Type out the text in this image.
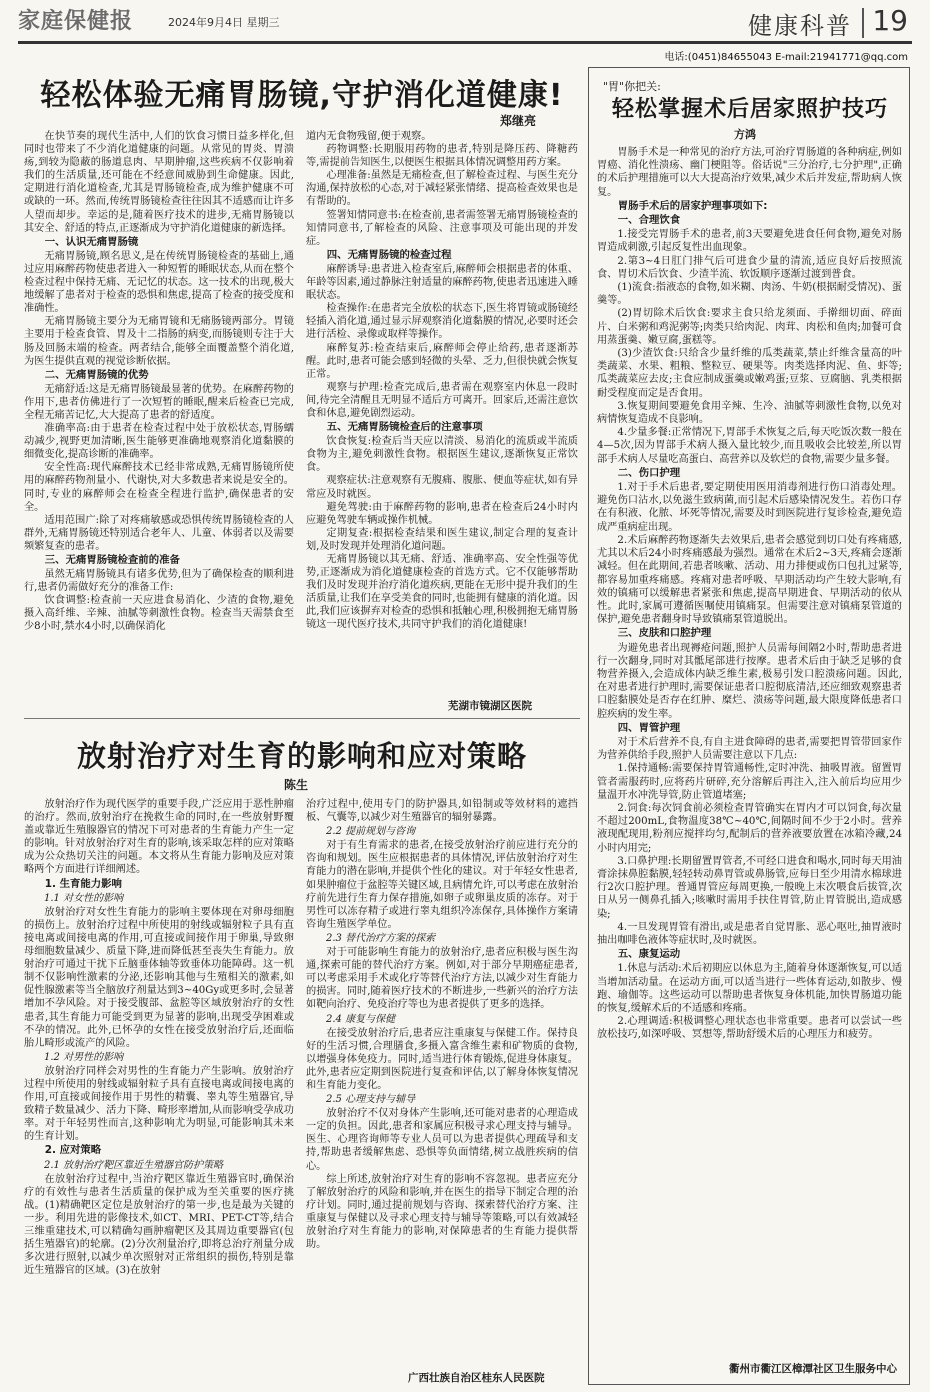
家庭保健报	2024年9月4日 星期三	健康科普 19
电话:(0451)84655043 E-mail:21941771@qq.com
轻松体验无痛胃肠镜,守护消化道健康!
郑继亮

在快节奏的现代生活中,人们的饮食习惯日益多样化,但同时也带来了不少消化道健康的问题。从常见的胃炎、胃溃疡,到较为隐蔽的肠道息肉、早期肿瘤,这些疾病不仅影响着我们的生活质量,还可能在不经意间威胁到生命健康。因此,定期进行消化道检查,尤其是胃肠镜检查,成为维护健康不可或缺的一环。然而,传统胃肠镜检查往往因其不适感而让许多人望而却步。幸运的是,随着医疗技术的进步,无痛胃肠镜以其安全、舒适的特点,正逐渐成为守护消化道健康的新选择。

一、认识无痛胃肠镜

无痛胃肠镜,顾名思义,是在传统胃肠镜检查的基础上,通过应用麻醉药物使患者进入一种短暂的睡眠状态,从而在整个检查过程中保持无痛、无记忆的状态。这一技术的出现,极大地缓解了患者对于检查的恐惧和焦虑,提高了检查的接受度和准确性。

无痛胃肠镜主要分为无痛胃镜和无痛肠镜两部分。胃镜主要用于检查食管、胃及十二指肠的病变,而肠镜则专注于大肠及回肠末端的检查。两者结合,能够全面覆盖整个消化道,为医生提供直观的视觉诊断依据。

二、无痛胃肠镜的优势

无痛舒适:这是无痛胃肠镜最显著的优势。在麻醉药物的作用下,患者仿佛进行了一次短暂的睡眠,醒来后检查已完成,全程无痛苦记忆,大大提高了患者的舒适度。

准确率高:由于患者在检查过程中处于放松状态,胃肠蠕动减少,视野更加清晰,医生能够更准确地观察消化道黏膜的细微变化,提高诊断的准确率。

安全性高:现代麻醉技术已经非常成熟,无痛胃肠镜所使用的麻醉药物剂量小、代谢快,对大多数患者来说是安全的。同时,专业的麻醉师会在检查全程进行监护,确保患者的安全。

适用范围广:除了对疼痛敏感或恐惧传统胃肠镜检查的人群外,无痛胃肠镜还特别适合老年人、儿童、体弱者以及需要频繁复查的患者。

三、无痛胃肠镜检查前的准备

虽然无痛胃肠镜具有诸多优势,但为了确保检查的顺利进行,患者仍需做好充分的准备工作:

饮食调整:检查前一天应进食易消化、少渣的食物,避免摄入高纤维、辛辣、油腻等刺激性食物。检查当天需禁食至少8小时,禁水4小时,以确保消化

道内无食物残留,便于观察。

药物调整:长期服用药物的患者,特别是降压药、降糖药等,需提前告知医生,以便医生根据具体情况调整用药方案。

心理准备:虽然是无痛检查,但了解检查过程、与医生充分沟通,保持放松的心态,对于减轻紧张情绪、提高检查效果也是有帮助的。

签署知情同意书:在检查前,患者需签署无痛胃肠镜检查的知情同意书,了解检查的风险、注意事项及可能出现的并发症。

四、无痛胃肠镜的检查过程

麻醉诱导:患者进入检查室后,麻醉师会根据患者的体重、年龄等因素,通过静脉注射适量的麻醉药物,使患者迅速进入睡眠状态。

检查操作:在患者完全放松的状态下,医生将胃镜或肠镜经轻插入消化道,通过显示屏观察消化道黏膜的情况,必要时还会进行活检、录像或取样等操作。

麻醉复苏:检查结束后,麻醉师会停止给药,患者逐渐苏醒。此时,患者可能会感到轻微的头晕、乏力,但很快就会恢复正常。

观察与护理:检查完成后,患者需在观察室内休息一段时间,待完全清醒且无明显不适后方可离开。回家后,还需注意饮食和休息,避免剧烈运动。

五、无痛胃肠镜检查后的注意事项

饮食恢复:检查后当天应以清淡、易消化的流质或半流质食物为主,避免刺激性食物。根据医生建议,逐渐恢复正常饮食。

观察症状:注意观察有无腹痛、腹胀、便血等症状,如有异常应及时就医。

避免驾驶:由于麻醉药物的影响,患者在检查后24小时内应避免驾驶车辆或操作机械。

定期复查:根据检查结果和医生建议,制定合理的复查计划,及时发现并处理消化道问题。

无痛胃肠镜以其无痛、舒适、准确率高、安全性强等优势,正逐渐成为消化道健康检查的首选方式。它不仅能够帮助我们及时发现并治疗消化道疾病,更能在无形中提升我们的生活质量,让我们在享受美食的同时,也能拥有健康的消化道。因此,我们应该摒弃对检查的恐惧和抵触心理,积极拥抱无痛胃肠镜这一现代医疗技术,共同守护我们的消化道健康!

芜湖市镜湖区医院
放射治疗对生育的影响和应对策略
陈生

放射治疗作为现代医学的重要手段,广泛应用于恶性肿瘤的治疗。然而,放射治疗在挽救生命的同时,在一些放射野覆盖或靠近生殖腺器官的情况下可对患者的生育能力产生一定的影响。针对放射治疗对生育的影响,该采取怎样的应对策略成为公众热切关注的问题。本文将从生育能力影响及应对策略两个方面进行详细阐述。

1. 生育能力影响
1.1 对女性的影响

放射治疗对女性生育能力的影响主要体现在对卵母细胞的损伤上。放射治疗过程中所使用的射线或辐射粒子具有直接电离或间接电离的作用,可直接或间接作用于卵巢,导致卵母细胞数量减少、质量下降,进而降低甚至丧失生育能力。放射治疗可通过干扰下丘脑垂体轴等致垂体功能障碍。这一机制不仅影响性激素的分泌,还影响其他与生殖相关的激素,如促性腺激素等当全脑放疗剂量达到3~40Gy或更多时,会显著增加不孕风险。对于接受腹部、盆腔等区域放射治疗的女性患者,其生育能力可能受到更为显著的影响,出现受孕困难或不孕的情况。此外,已怀孕的女性在接受放射治疗后,还面临胎儿畸形或流产的风险。

1.2 对男性的影响

放射治疗同样会对男性的生育能力产生影响。放射治疗过程中所使用的射线或辐射粒子具有直接电离或间接电离的作用,可直接或间接作用于男性的精囊、睾丸等生殖器官,导致精子数量减少、活力下降、畸形率增加,从而影响受孕成功率。对于年轻男性而言,这种影响尤为明显,可能影响其未来的生育计划。

2. 应对策略
2.1 放射治疗靶区靠近生殖器官防护策略

在放射治疗过程中,当治疗靶区靠近生殖器官时,确保治疗的有效性与患者生活质量的保护成为至关重要的医疗挑战。(1)精确靶区定位是放射治疗的第一步,也是最为关键的一步。利用先进的影像技术,如CT、MRI、PET-CT等,结合三维重建技术,可以精确勾画肿瘤靶区及其周边重要器官(包括生殖器官)的轮廓。(2)分次剂量治疗,即将总治疗剂量分成多次进行照射,以减少单次照射对正常组织的损伤,特别是靠近生殖器官的区域。(3)在放射

治疗过程中,使用专门的防护器具,如铅制或等效材料的遮挡板、气囊等,以减少对生殖器官的辐射暴露。

2.2 提前规划与咨询

对于有生育需求的患者,在接受放射治疗前应进行充分的咨询和规划。医生应根据患者的具体情况,评估放射治疗对生育能力的潜在影响,并提供个性化的建议。对于年轻女性患者,如果肿瘤位于盆腔等关键区域,且病情允许,可以考虑在放射治疗前先进行生育力保存措施,如卵子或卵巢皮质的冻存。对于男性可以冻存精子或进行睾丸组织冷冻保存,具体操作方案请咨询生殖医学单位。

2.3 替代治疗方案的探索

对于可能影响生育能力的放射治疗,患者应积极与医生沟通,探索可能的替代治疗方案。例如,对于部分早期癌症患者,可以考虑采用手术或化疗等替代治疗方法,以减少对生育能力的损害。同时,随着医疗技术的不断进步,一些新兴的治疗方法如靶向治疗、免疫治疗等也为患者提供了更多的选择。

2.4 康复与保健

在接受放射治疗后,患者应注重康复与保健工作。保持良好的生活习惯,合理膳食,多摄入富含维生素和矿物质的食物,以增强身体免疫力。同时,适当进行体育锻炼,促进身体康复。此外,患者应定期到医院进行复查和评估,以了解身体恢复情况和生育能力变化。

2.5 心理支持与辅导

放射治疗不仅对身体产生影响,还可能对患者的心理造成一定的负担。因此,患者和家属应积极寻求心理支持与辅导。医生、心理咨询师等专业人员可以为患者提供心理疏导和支持,帮助患者缓解焦虑、恐惧等负面情绪,树立战胜疾病的信心。

综上所述,放射治疗对生育的影响不容忽视。患者应充分了解放射治疗的风险和影响,并在医生的指导下制定合理的治疗计划。同时,通过提前规划与咨询、探索替代治疗方案、注重康复与保健以及寻求心理支持与辅导等策略,可以有效减轻放射治疗对生育能力的影响,对保障患者的生育能力提供帮助。

广西壮族自治区桂东人民医院
"胃"你把关:
轻松掌握术后居家照护技巧
方鸿

胃肠手术是一种常见的治疗方法,可治疗胃肠道的各种病症,例如胃癌、消化性溃疡、幽门梗阻等。俗话说"三分治疗,七分护理",正确的术后护理措施可以大大提高治疗效果,减少术后并发症,帮助病人恢复。

胃肠手术后的居家护理事项如下:
一、合理饮食

1.接受完胃肠手术的患者,前3天要避免进食任何食物,避免对肠胃造成刺激,引起反复性出血现象。

2.第3~4日肛门排气后可进食少量的清流,适应良好后按照流食、胃切术后饮食、少渣半流、软饭顺序逐渐过渡到普食。

(1)流食:指液态的食物,如米糊、肉汤、牛奶(根据耐受情况)、蛋羹等。

(2)胃切除术后饮食:要求主食只给龙须面、手擀细切面、碎面片、白米粥和鸡泥粥等;肉类只给肉泥、肉茸、肉松和鱼肉;加餐可食用蒸蛋羹、嫩豆腐,蛋糕等。

(3)少渣饮食:只给含少量纤维的瓜类蔬菜,禁止纤维含量高的叶类蔬菜、水果、粗粮、整粒豆、硬果等。肉类选择肉泥、鱼、虾等;瓜类蔬菜应去皮;主食应制成蛋羹或嫩鸡蛋;豆浆、豆腐脑、乳类根据耐受程度而定是否食用。

3.恢复期间要避免食用辛辣、生冷、油腻等刺激性食物,以免对病情恢复造成不良影响。

4.少量多餐:正常情况下,胃部手术恢复之后,每天吃饭次数一般在4—5次,因为胃部手术病人摄入量比较少,而且吸收会比较差,所以胃部手术病人尽量吃高蛋白、高营养以及软烂的食物,需要少量多餐。

二、伤口护理

1.对于手术后患者,要定期使用医用消毒剂进行伤口消毒处理。避免伤口沾水,以免滋生致病菌,而引起术后感染情况发生。若伤口存在有积液、化脓、坏死等情况,需要及时到医院进行复诊检查,避免造成严重病症出现。

2.术后麻醉药物逐渐失去效果后,患者会感觉到切口处有疼痛感,尤其以术后24小时疼痛感最为强烈。通常在术后2~3天,疼痛会逐渐减轻。但在此期间,若患者咳嗽、活动、用力排便或伤口包扎过紧等,都容易加重疼痛感。疼痛对患者呼吸、早期活动均产生较大影响,有效的镇痛可以缓解患者紧张和焦虑,提高早期进食、早期活动的依从性。此时,家属可遵循医嘱使用镇痛泵。但需要注意对镇痛泵管道的保护,避免患者翻身时导致镇痛泵管道脱出。

三、皮肤和口腔护理

为避免患者出现褥疮问题,照护人员需每间隔2小时,帮助患者进行一次翻身,同时对其骶尾部进行按摩。患者术后由于缺乏足够的食物营养摄入,会造成体内缺乏维生素,极易引发口腔溃疡问题。因此,在对患者进行护理时,需要保证患者口腔彻底清洁,还应细致观察患者口腔黏膜处是否存在红肿、糜烂、溃疡等问题,最大限度降低患者口腔疾病的发生率。

四、胃管护理

对于术后营养不良,有自主进食障碍的患者,需要把胃管带回家作为营养供给手段,照护人员需要注意以下几点:

1.保持通畅:需要保持胃管通畅性,定时冲洗、抽吸胃液。留置胃管者需服药时,应将药片研碎,充分溶解后再注入,注入前后均应用少量温开水冲洗导管,防止管道堵塞;

2.饲食:每次饲食前必须检查胃管确实在胃内才可以饲食,每次量不超过200mL,食物温度38℃~40℃,间隔时间不少于2小时。营养液现配现用,粉剂应搅拌均匀,配制后的营养液要放置在冰箱冷藏,24小时内用完;

3.口鼻护理:长期留置胃管者,不可经口进食和喝水,同时每天用油膏涂抹鼻腔黏膜,轻轻转动鼻胃管或鼻肠管,应每日至少用清水棉球进行2次口腔护理。普通胃管应每周更换,一般晚上末次喂食后拔管,次日从另一侧鼻孔插入;咳嗽时需用手扶住胃管,防止胃管脱出,造成感染;

4.一旦发现胃管有滑出,或是患者自觉胃胀、恶心呕吐,抽胃液时抽出咖啡色液体等症状时,及时就医。

五、康复运动

1.休息与活动:术后初期应以休息为主,随着身体逐渐恢复,可以适当增加活动量。在运动方面,可以适当进行一些体育运动,如散步、慢跑、瑜伽等。这些运动可以帮助患者恢复身体机能,加快胃肠道功能的恢复,缓解术后的不适感和疼痛。

2.心理调适:积极调整心理状态也非常重要。患者可以尝试一些放松技巧,如深呼吸、冥想等,帮助舒缓术后的心理压力和疲劳。

衢州市衢江区樟潭社区卫生服务中心
